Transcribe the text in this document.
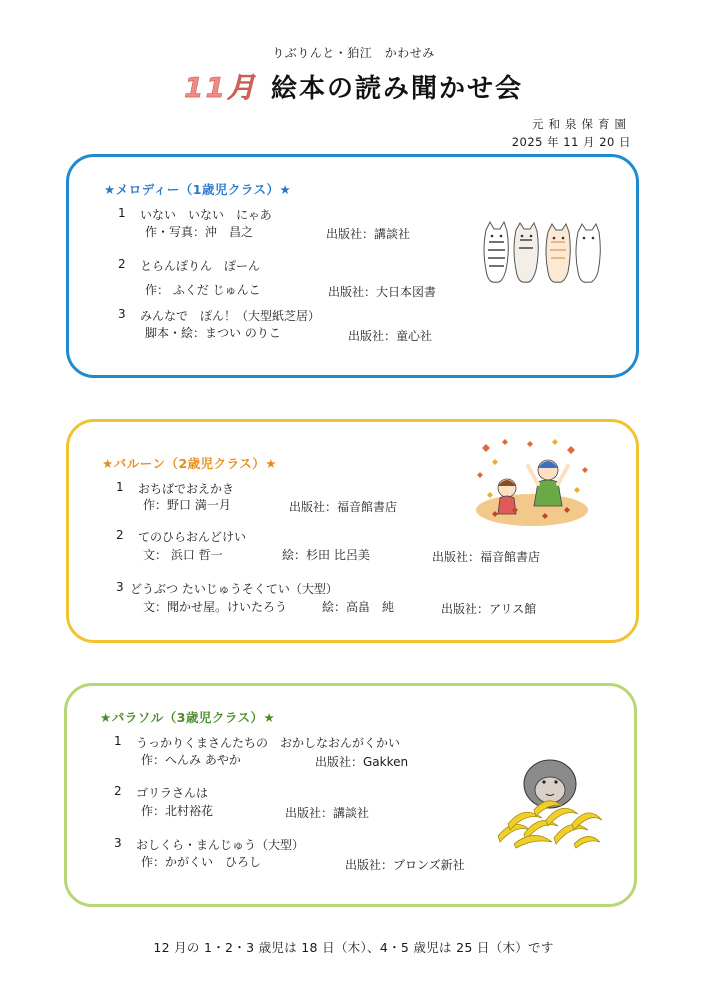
りぶりんと・狛江　かわせみ
11月 絵本の読み聞かせ会
元和泉保育園
2025 年 11 月 20 日
★メロディー（1歳児クラス）★
1 いない　いない　にゃあ
作・写真：沖　昌之	出版社：講談社
2 とらんぽりん　ぽーん
作： ふくだ じゅんこ	出版社：大日本図書
3 みんなで　ぽん！（大型紙芝居）
脚本・絵：まつい のりこ	出版社：童心社
★バルーン（2歳児クラス）★
1 おちばでおえかき
作：野口 満一月	出版社：福音館書店
2 てのひらおんどけい
文： 浜口 哲一	絵：杉田 比呂美	出版社：福音館書店
3 どうぶつ たいじゅうそくてい（大型）
文：聞かせ屋。けいたろう	絵：高畠　純	出版社：アリス館
★パラソル（3歳児クラス）★
1 うっかりくまさんたちの　おかしなおんがくかい
作：へんみ あやか	出版社：Gakken
2 ゴリラさんは
作：北村裕花	出版社：講談社
3 おしくら・まんじゅう（大型）
作：かがくい　ひろし	出版社：ブロンズ新社
12 月の 1・2・3 歳児は 18 日（木）、4・5 歳児は 25 日（木）です
